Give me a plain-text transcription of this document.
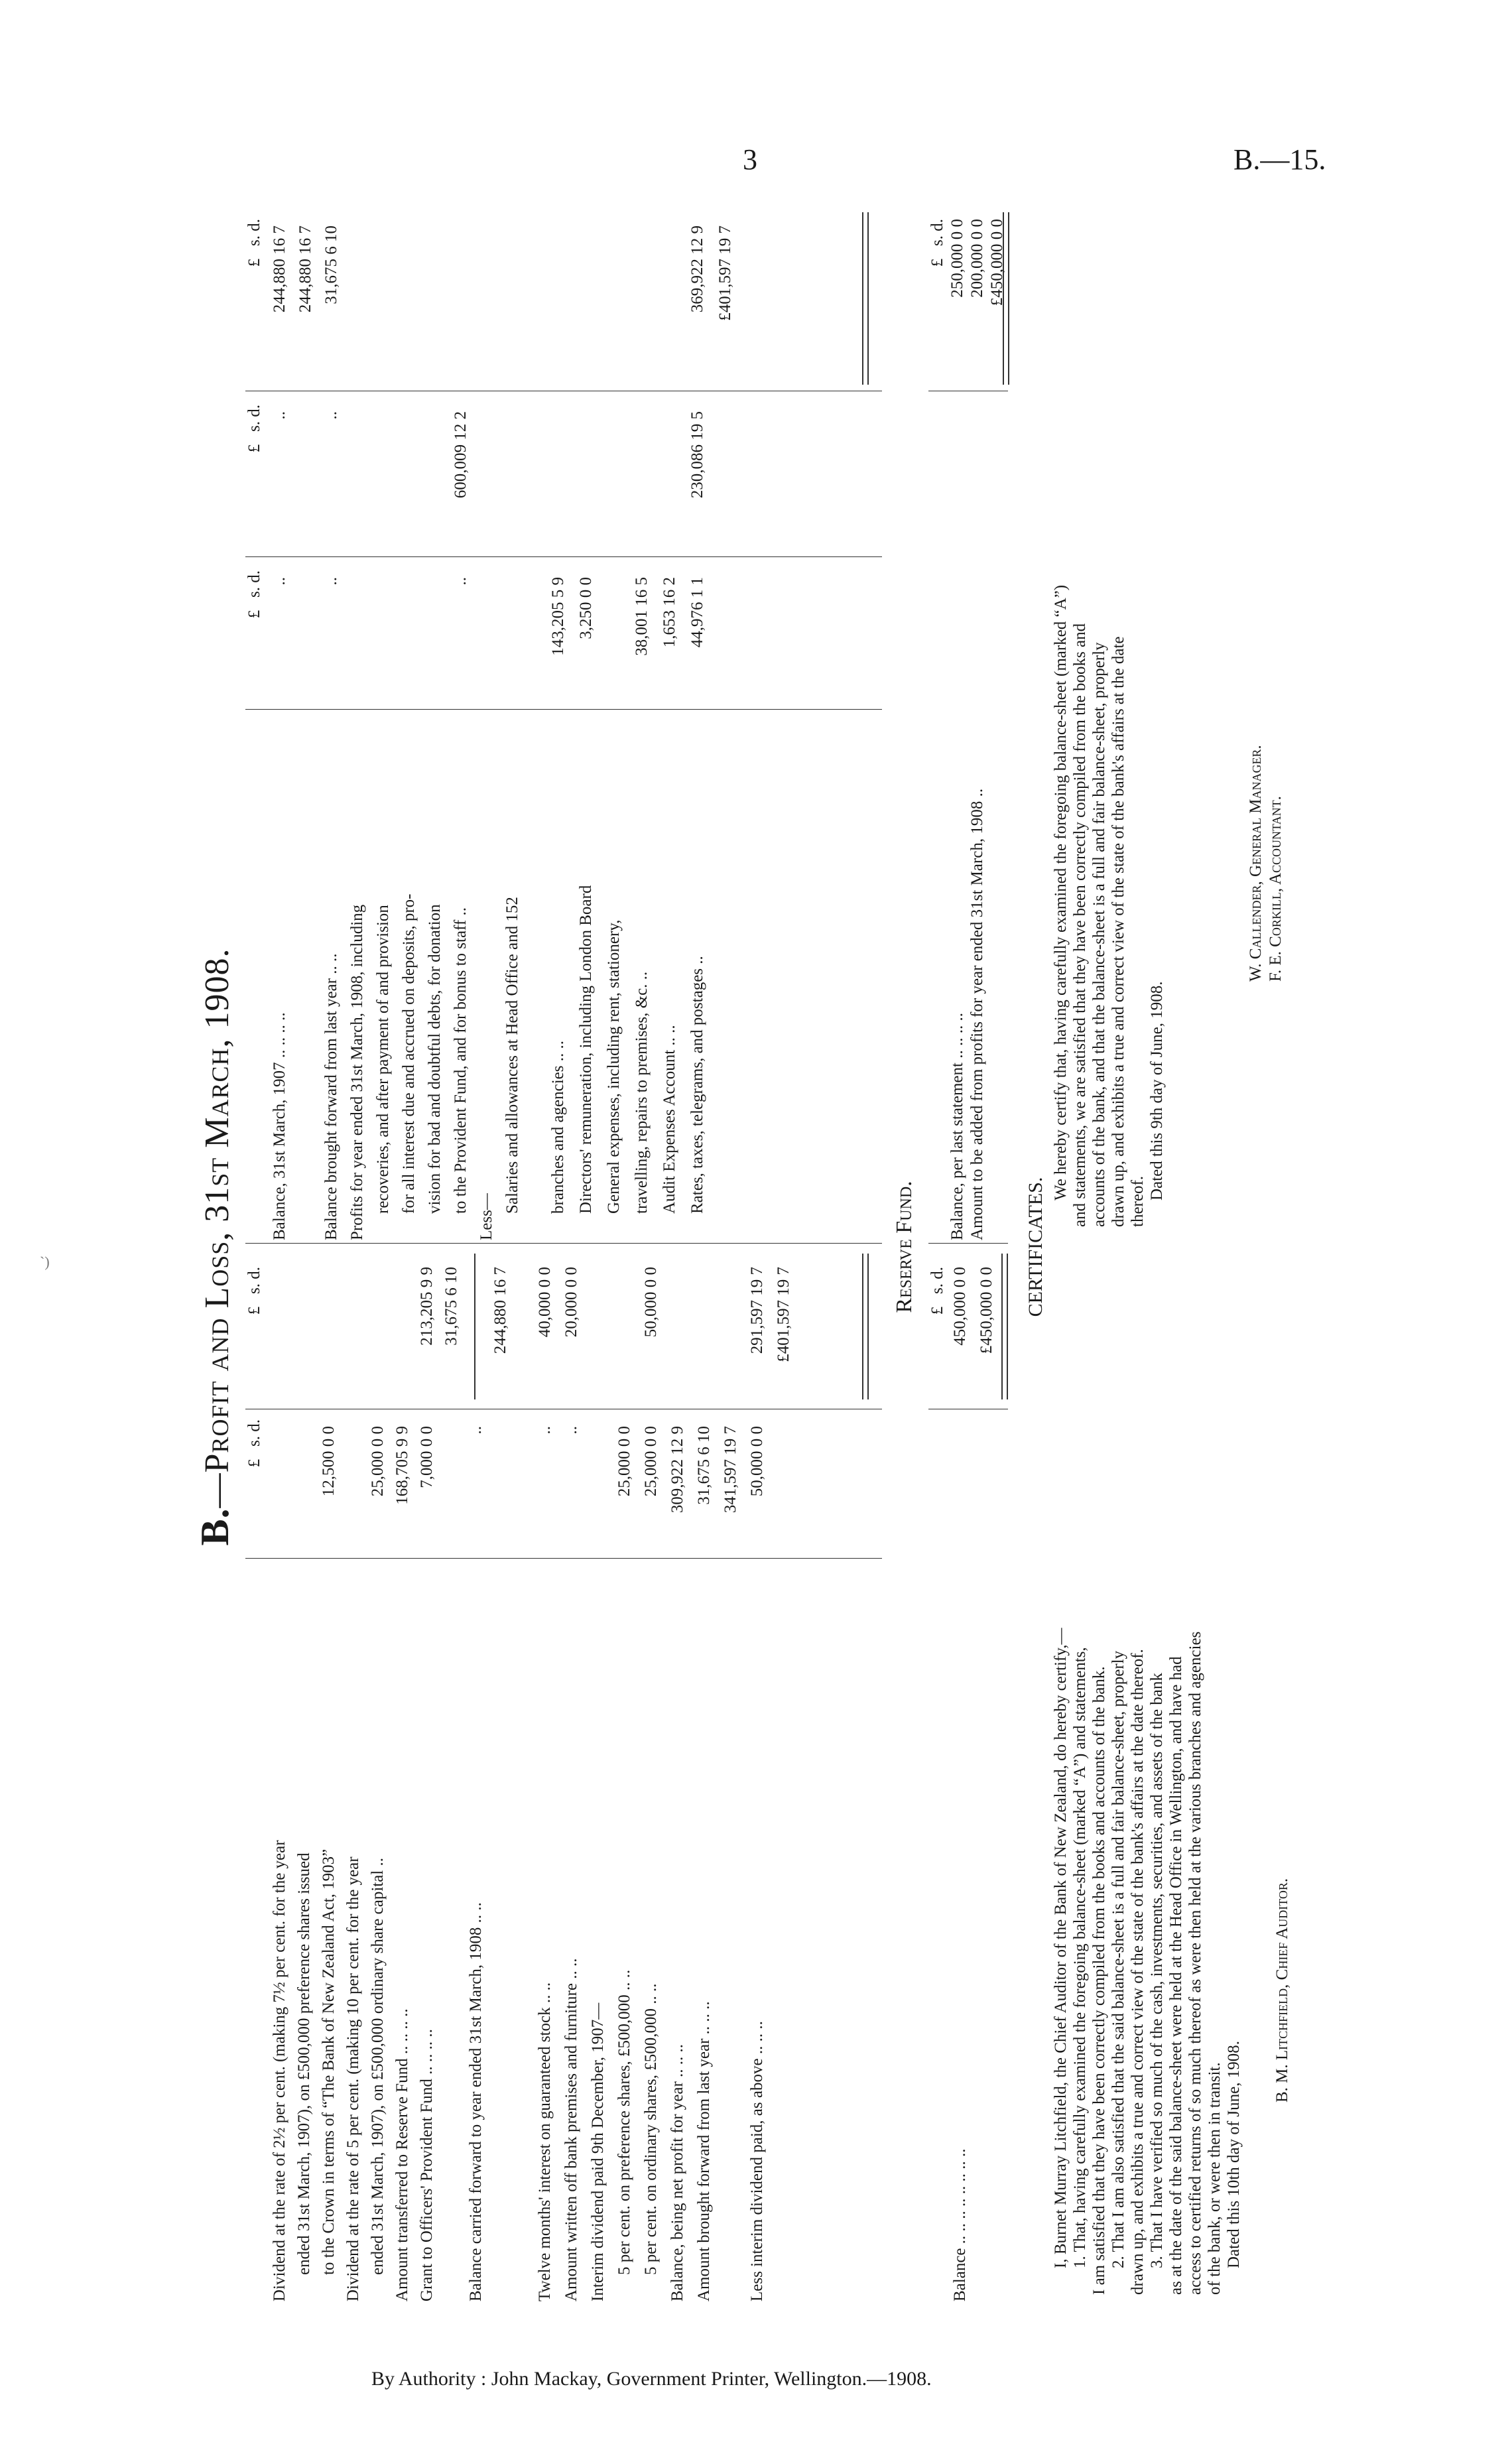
3	B.—15.
`)
B.—Profit and Loss, 31st March, 1908. £   s. d.
£   s. d.
Dividend at the rate of 2½ per cent. (making 7½ per cent. for the year ended 31st March, 1907), on £500,000 preference shares issued to the Crown in terms of “The Bank of New Zealand Act, 1903”
12,500 0 0
Dividend at the rate of 5 per cent. (making 10 per cent. for the year ended 31st March, 1907), on £500,000 ordinary share capital ..
25,000 0 0
Amount transferred to Reserve Fund .. .. .. ..
168,705 9 9
Grant to Officers' Provident Fund .. .. .. ..
7,000 0 0
213,205 9 9 31,675 6 10
Balance carried forward to year ended 31st March, 1908 .. ..
..
244,880 16 7
Twelve months' interest on guaranteed stock .. ..
..
40,000 0 0
Amount written off bank premises and furniture .. ..
..
20,000 0 0
Interim dividend paid 9th December, 1907— 5 per cent. on preference shares, £500,000 .. ..
25,000 0 0
5 per cent. on ordinary shares, £500,000 .. ..
25,000 0 0
50,000 0 0
Balance, being net profit for year .. .. ..
309,922 12 9
Amount brought forward from last year .. .. ..
31,675 6 10 341,597 19 7
Less interim dividend paid, as above .. .. ..
50,000 0 0
291,597 19 7 £401,597 19 7
£   s. d.
£   s. d.
£   s. d.
Balance, 31st March, 1907 .. .. .. ..
..
..
244,880 16 7 244,880 16 7
Balance brought forward from last year .. ..
..
..
31,675 6 10
Profits for year ended 31st March, 1908, including recoveries, and after payment of and provision for all interest due and accrued on deposits, pro- vision for bad and doubtful debts, for donation to the Provident Fund, and for bonus to staff ..
..
600,009 12 2
Less—
Salaries and allowances at Head Office and 152 branches and agencies .. ..
143,205 5 9
Directors' remuneration, including London Board
3,250 0 0
General expenses, including rent, stationery, travelling, repairs to premises, &c. ..
38,001 16 5
Audit Expenses Account .. ..
1,653 16 2
Rates, taxes, telegrams, and postages ..
44,976 1 1
230,086 19 5
369,922 12 9 £401,597 19 7
Reserve Fund. £   s. d.
Balance .. .. .. .. .. .. .. ..
450,000 0 0 £450,000 0 0
£   s. d.
Balance, per last statement .. .. .. ..
250,000 0 0
Amount to be added from profits for year ended 31st March, 1908 ..
200,000 0 0 £450,000 0 0
CERTIFICATES.
B. M. Litchfield, Chief Auditor.
W. Callender, General Manager. F. E. Corkill, Accountant.
I, Burnet Murray Litchfield, the Chief Auditor of the Bank of New Zealand, do hereby certify,— 1. That, having carefully examined the foregoing balance-sheet (marked “A”) and statements, I am satisfied that they have been correctly compiled from the books and accounts of the bank. 2. That I am also satisfied that the said balance-sheet is a full and fair balance-sheet, properly drawn up, and exhibits a true and correct view of the state of the bank's affairs at the date thereof. 3. That I have verified so much of the cash, investments, securities, and assets of the bank as at the date of the said balance-sheet were held at the Head Office in Wellington, and have had access to certified returns of so much thereof as were then held at the various branches and agencies of the bank, or were then in transit. Dated this 10th day of June, 1908.
We hereby certify that, having carefully examined the foregoing balance-sheet (marked “A”) and statements, we are satisfied that they have been correctly compiled from the books and accounts of the bank, and that the balance-sheet is a full and fair balance-sheet, properly drawn up, and exhibits a true and correct view of the state of the bank's affairs at the date thereof.
Dated this 9th day of June, 1908.
By Authority : John Mackay, Government Printer, Wellington.—1908.
